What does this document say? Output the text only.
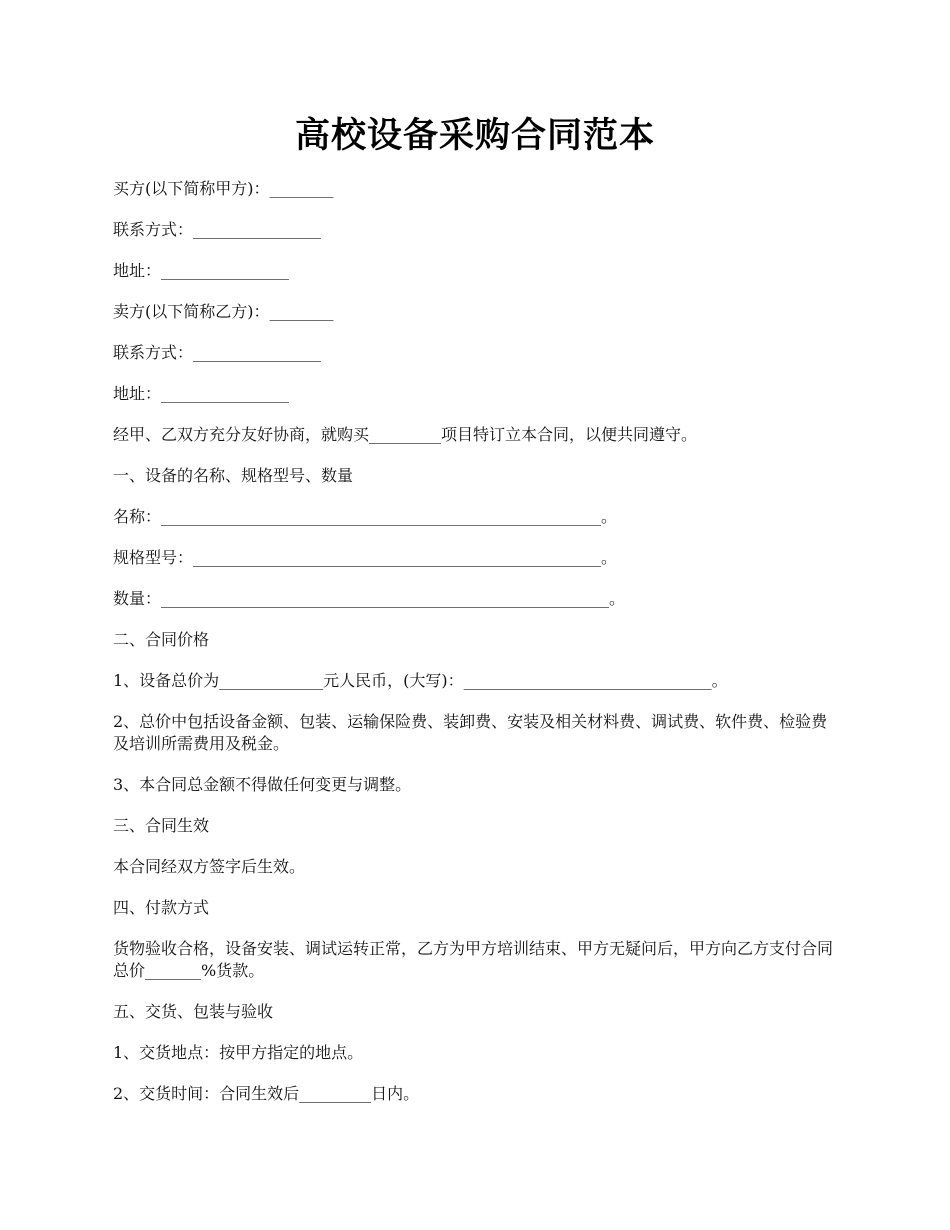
高校设备采购合同范本

买方(以下简称甲方)：________

联系方式：________________

地址：________________

卖方(以下简称乙方)：________

联系方式：________________

地址：________________

经甲、乙双方充分友好协商，就购买_________项目特订立本合同，以便共同遵守。

一、设备的名称、规格型号、数量

名称：_______________________________________________________。

规格型号：___________________________________________________。

数量：________________________________________________________。

二、合同价格

1、设备总价为_____________元人民币，(大写)：_______________________________。

2、总价中包括设备金额、包装、运输保险费、装卸费、安装及相关材料费、调试费、软件费、检验费及培训所需费用及税金。

3、本合同总金额不得做任何变更与调整。

三、合同生效

本合同经双方签字后生效。

四、付款方式

货物验收合格，设备安装、调试运转正常，乙方为甲方培训结束、甲方无疑问后，甲方向乙方支付合同总价_______%货款。

五、交货、包装与验收

1、交货地点：按甲方指定的地点。

2、交货时间：合同生效后_________日内。
